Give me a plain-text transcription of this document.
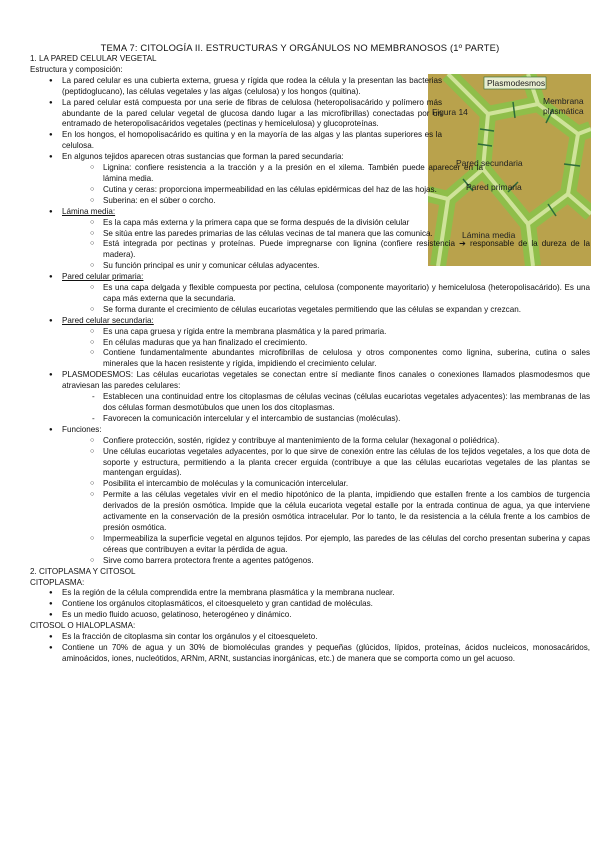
TEMA 7: CITOLOGÍA II. ESTRUCTURAS Y ORGÁNULOS NO MEMBRANOSOS (1º PARTE)
Plasmodesmos
Membrana
plasmática
Figura 14
Pared secundaria
Pared primaria
Lámina media
1. LA PARED CELULAR VEGETAL
Estructura y composición:
● La pared celular es una cubierta externa, gruesa y rígida que rodea la célula y la presentan las bacterias (peptidoglucano), las células vegetales y las algas (celulosa) y los hongos (quitina).
● La pared celular está compuesta por una serie de fibras de celulosa (heteropolisacárido y polímero más abundante de la pared celular vegetal de glucosa dando lugar a las microfibrillas) conectadas por un entramado de heteropolisacáridos vegetales (pectinas y hemicelulosa) y glucoproteínas.
● En los hongos, el homopolisacárido es quitina y en la mayoría de las algas y las plantas superiores es la celulosa.
● En algunos tejidos aparecen otras sustancias que forman la pared secundaria:
○ Lignina: confiere resistencia a la tracción y a la presión en el xilema. También puede aparecer en la lámina media.
○ Cutina y ceras: proporciona impermeabilidad en las células epidérmicas del haz de las hojas.
○ Suberina: en el súber o corcho.
● Lámina media:
○ Es la capa más externa y la primera capa que se forma después de la división celular
○ Se sitúa entre las paredes primarias de las células vecinas de tal manera que las comunica.
○ Está integrada por pectinas y proteínas. Puede impregnarse con lignina (confiere resistencia ➔ responsable de la dureza de la madera).
○ Su función principal es unir y comunicar células adyacentes.
● Pared celular primaria:
○ Es una capa delgada y flexible compuesta por pectina, celulosa (componente mayoritario) y hemicelulosa (heteropolisacárido). Es una capa más externa que la secundaria.
○ Se forma durante el crecimiento de células eucariotas vegetales permitiendo que las células se expandan y crezcan.
● Pared celular secundaria:
○ Es una capa gruesa y rígida entre la membrana plasmática y la pared primaria.
○ En células maduras que ya han finalizado el crecimiento.
○ Contiene fundamentalmente abundantes microfibrillas de celulosa y otros componentes como lignina, suberina, cutina o sales minerales que la hacen resistente y rígida, impidiendo el crecimiento celular.
● PLASMODESMOS: Las células eucariotas vegetales se conectan entre sí mediante finos canales o conexiones llamados plasmodesmos que atraviesan las paredes celulares:
- Establecen una continuidad entre los citoplasmas de células vecinas (células eucariotas vegetales adyacentes): las membranas de las dos células forman desmotúbulos que unen los dos citoplasmas.
- Favorecen la comunicación intercelular y el intercambio de sustancias (moléculas).
● Funciones:
○ Confiere protección, sostén, rigidez y contribuye al mantenimiento de la forma celular (hexagonal o poliédrica).
○ Une células eucariotas vegetales adyacentes, por lo que sirve de conexión entre las células de los tejidos vegetales, a los que dota de soporte y estructura, permitiendo a la planta crecer erguida (contribuye a que las células eucariotas vegetales de las plantas se mantengan erguidas).
○ Posibilita el intercambio de moléculas y la comunicación intercelular.
○ Permite a las células vegetales vivir en el medio hipotónico de la planta, impidiendo que estallen frente a los cambios de turgencia derivados de la presión osmótica. Impide que la célula eucariota vegetal estalle por la entrada continua de agua, ya que interviene activamente en la conservación de la presión osmótica intracelular. Por lo tanto, le da resistencia a la célula frente a los cambios de presión osmótica.
○ Impermeabiliza la superficie vegetal en algunos tejidos. Por ejemplo, las paredes de las células del corcho presentan suberina y capas céreas que contribuyen a evitar la pérdida de agua.
○ Sirve como barrera protectora frente a agentes patógenos.
2. CITOPLASMA Y CITOSOL
CITOPLASMA:
● Es la región de la célula comprendida entre la membrana plasmática y la membrana nuclear.
● Contiene los orgánulos citoplasmáticos, el citoesqueleto y gran cantidad de moléculas.
● Es un medio fluido acuoso, gelatinoso, heterogéneo y dinámico.
CITOSOL O HIALOPLASMA:
● Es la fracción de citoplasma sin contar los orgánulos y el citoesqueleto.
● Contiene un 70% de agua y un 30% de biomoléculas grandes y pequeñas (glúcidos, lípidos, proteínas, ácidos nucleicos, monosacáridos, aminoácidos, iones, nucleótidos, ARNm, ARNt, sustancias inorgánicas, etc.) de manera que se comporta como un gel acuoso.
